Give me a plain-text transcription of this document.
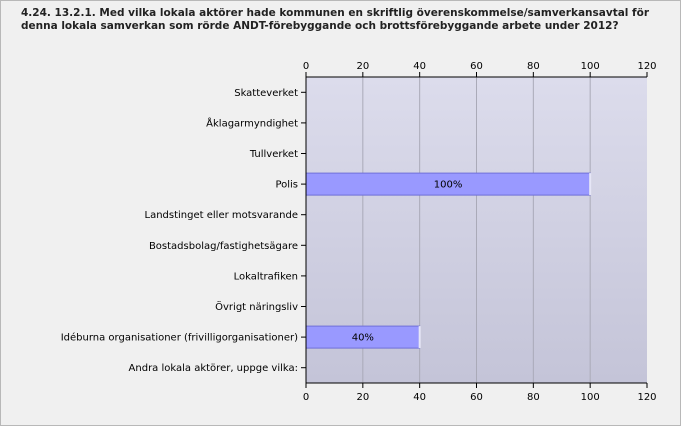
4.24. 13.2.1. Med vilka lokala aktörer hade kommunen en skriftlig överenskommelse/samverkansavtal för
denna lokala samverkan som rörde ANDT-förebyggande och brottsförebyggande arbete under 2012?
0	20	40	60	80	100	120
0	20	40	60	80	100	120
Skatteverket
Åklagarmyndighet
Tullverket
Polis
Landstinget eller motsvarande
Bostadsbolag/fastighetsägare
Lokaltrafiken
Övrigt näringsliv
Idéburna organisationer (frivilligorganisationer)
Andra lokala aktörer, uppge vilka:
100%
40%
